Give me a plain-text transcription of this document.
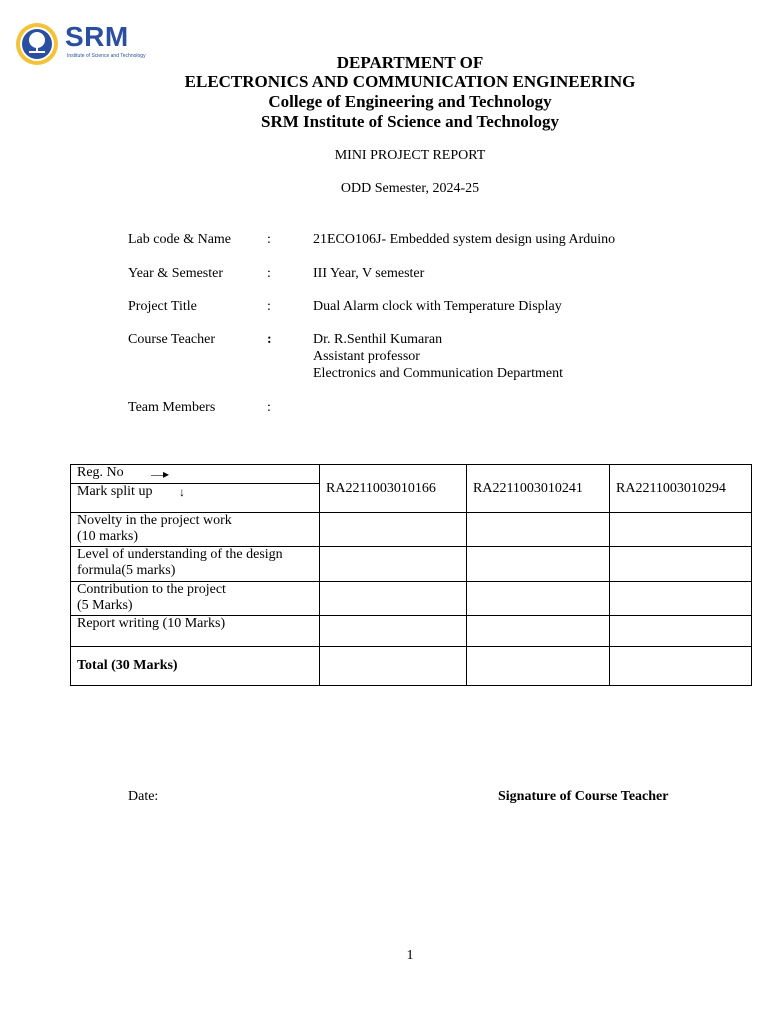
SRM
Institute of Science and Technology	DEPARTMENT OF
ELECTRONICS AND COMMUNICATION ENGINEERING
College of Engineering and Technology
SRM Institute of Science and Technology
MINI PROJECT REPORT
ODD Semester, 2024-25
Lab code & Name	:	21ECO106J- Embedded system design using Arduino
Year & Semester	:	III Year, V semester
Project Title	:	Dual Alarm clock with Temperature Display
Course Teacher	:	Dr. R.Senthil Kumaran
Assistant professor
Electronics and Communication Department
Team Members	:
Reg. No —▸
Mark split up ↓	RA2211003010166	RA2211003010241	RA2211003010294

Novelty in the project work
(10 marks)			

Level of understanding of the design
formula(5 marks)			

Contribution to the project
(5 Marks)			

Report writing (10 Marks)			

Total (30 Marks)			
Date:	Signature of Course Teacher
1
